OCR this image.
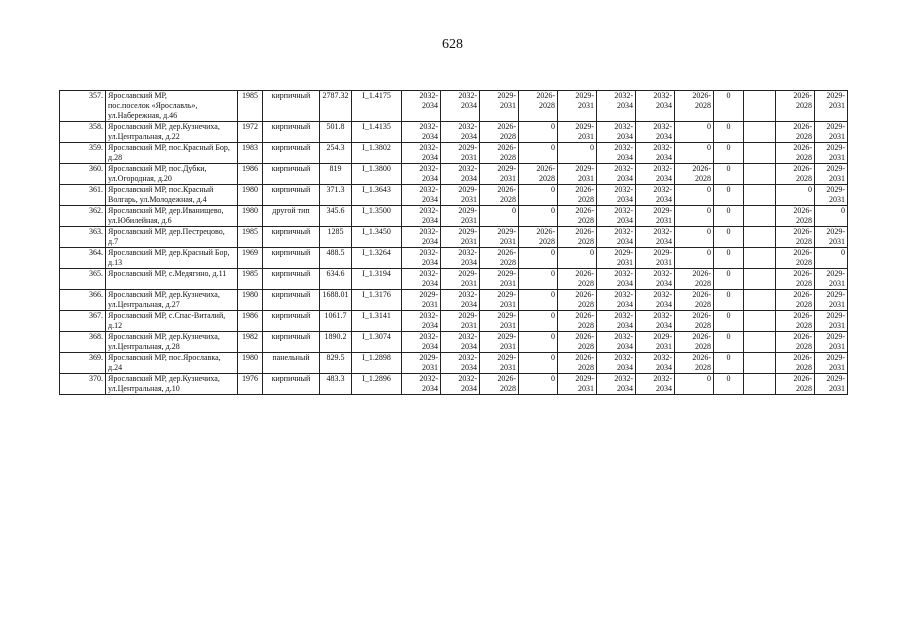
628
357.	Ярославский МР, пос.поселок «Ярославль», ул.Набережная, д.46	1985	кирпичный	2787.32	I_1.4175	2032-2034	2032-2034	2029-2031	2026-2028	2029-2031	2032-2034	2032-2034	2026-2028	0		2026-2028	2029-2031
358.	Ярославский МР, дер.Кузнечиха, ул.Центральная, д.22	1972	кирпичный	501.8	I_1.4135	2032-2034	2032-2034	2026-2028	0	2029-2031	2032-2034	2032-2034	0	0		2026-2028	2029-2031
359.	Ярославский МР, пос.Красный Бор, д.28	1983	кирпичный	254.3	I_1.3802	2032-2034	2029-2031	2026-2028	0	0	2032-2034	2032-2034	0	0		2026-2028	2029-2031
360.	Ярославский МР, пос.Дубки, ул.Огородная, д.20	1986	кирпичный	819	I_1.3800	2032-2034	2032-2034	2029-2031	2026-2028	2029-2031	2032-2034	2032-2034	2026-2028	0		2026-2028	2029-2031
361.	Ярославский МР, пос.Красный Волгарь, ул.Молодежная, д.4	1980	кирпичный	371.3	I_1.3643	2032-2034	2029-2031	2026-2028	0	2026-2028	2032-2034	2032-2034	0	0		0	2029-2031
362.	Ярославский МР, дер.Иванищево, ул.Юбилейная, д.6	1980	другой тип	345.6	I_1.3500	2032-2034	2029-2031	0	0	2026-2028	2032-2034	2029-2031	0	0		2026-2028	0
363.	Ярославский МР, дер.Пестрецово, д.7	1985	кирпичный	1285	I_1.3450	2032-2034	2029-2031	2029-2031	2026-2028	2026-2028	2032-2034	2032-2034	0	0		2026-2028	2029-2031
364.	Ярославский МР, дер.Красный Бор, д.13	1969	кирпичный	488.5	I_1.3264	2032-2034	2032-2034	2026-2028	0	0	2029-2031	2029-2031	0	0		2026-2028	0
365.	Ярославский МР, с.Медягино, д.11	1985	кирпичный	634.6	I_1.3194	2032-2034	2029-2031	2029-2031	0	2026-2028	2032-2034	2032-2034	2026-2028	0		2026-2028	2029-2031
366.	Ярославский МР, дер.Кузнечиха, ул.Центральная, д.27	1980	кирпичный	1688.01	I_1.3176	2029-2031	2032-2034	2029-2031	0	2026-2028	2032-2034	2032-2034	2026-2028	0		2026-2028	2029-2031
367.	Ярославский МР, с.Спас-Виталий, д.12	1986	кирпичный	1061.7	I_1.3141	2032-2034	2029-2031	2029-2031	0	2026-2028	2032-2034	2032-2034	2026-2028	0		2026-2028	2029-2031
368.	Ярославский МР, дер.Кузнечиха, ул.Центральная, д.28	1982	кирпичный	1890.2	I_1.3074	2032-2034	2032-2034	2029-2031	0	2026-2028	2032-2034	2029-2031	2026-2028	0		2026-2028	2029-2031
369.	Ярославский МР, пос.Ярославка, д.24	1980	панельный	829.5	I_1.2898	2029-2031	2032-2034	2029-2031	0	2026-2028	2032-2034	2032-2034	2026-2028	0		2026-2028	2029-2031
370.	Ярославский МР, дер.Кузнечиха, ул.Центральная, д.10	1976	кирпичный	483.3	I_1.2896	2032-2034	2032-2034	2026-2028	0	2029-2031	2032-2034	2032-2034	0	0		2026-2028	2029-2031
